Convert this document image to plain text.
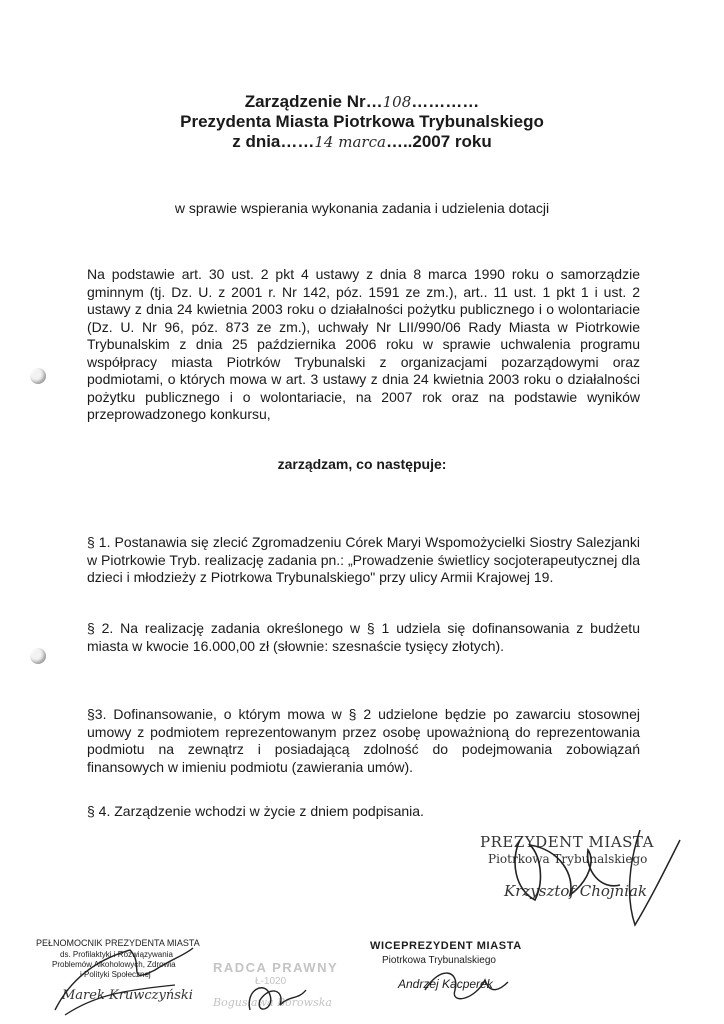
Zarządzenie Nr…108…………
Prezydenta Miasta Piotrkowa Trybunalskiego
z dnia……14 marca…..2007 roku
w sprawie wspierania wykonania zadania i udzielenia dotacji
Na podstawie art. 30 ust. 2 pkt 4 ustawy z dnia 8 marca 1990 roku o samorządzie gminnym (tj. Dz. U. z 2001 r. Nr 142, póz. 1591 ze zm.), art.. 11 ust. 1 pkt 1 i ust. 2 ustawy z dnia 24 kwietnia 2003 roku o działalności pożytku publicznego i o wolontariacie (Dz. U. Nr 96, póz. 873 ze zm.), uchwały Nr LII/990/06 Rady Miasta w Piotrkowie Trybunalskim z dnia 25 października 2006 roku w sprawie uchwalenia programu współpracy miasta Piotrków Trybunalski z organizacjami pozarządowymi oraz podmiotami, o których mowa w art. 3 ustawy z dnia 24 kwietnia 2003 roku o działalności pożytku publicznego i o wolontariacie, na 2007 rok oraz na podstawie wyników przeprowadzonego konkursu,
zarządzam, co następuje:
§ 1. Postanawia się zlecić Zgromadzeniu Córek Maryi Wspomożycielki Siostry Salezjanki w Piotrkowie Tryb. realizację zadania pn.: „Prowadzenie świetlicy socjoterapeutycznej dla dzieci i młodzieży z Piotrkowa Trybunalskiego" przy ulicy Armii Krajowej 19.
§ 2. Na realizację zadania określonego w § 1 udziela się dofinansowania z budżetu miasta w kwocie 16.000,00 zł (słownie: szesnaście tysięcy złotych).
§3. Dofinansowanie, o którym mowa w § 2 udzielone będzie po zawarciu stosownej umowy z podmiotem reprezentowanym przez osobę upoważnioną do reprezentowania podmiotu na zewnątrz i posiadającą zdolność do podejmowania zobowiązań finansowych w imieniu podmiotu (zawierania umów).
§ 4. Zarządzenie wchodzi w życie z dniem podpisania.
PREZYDENT MIASTA
Piotrkowa Trybunalskiego
Krzysztof Chojniak
WICEPREZYDENT MIASTA
Piotrkowa Trybunalskiego
Andrzej Kacperek
PEŁNOMOCNIK PREZYDENTA MIASTA
ds. Profilaktyki i Rozwiązywania
Problemów Alkoholowych, Zdrowia
i Polityki Społecznej
Marek Kruwczyński
RADCA PRAWNY
Ł-1020
Bogusława Borowska
